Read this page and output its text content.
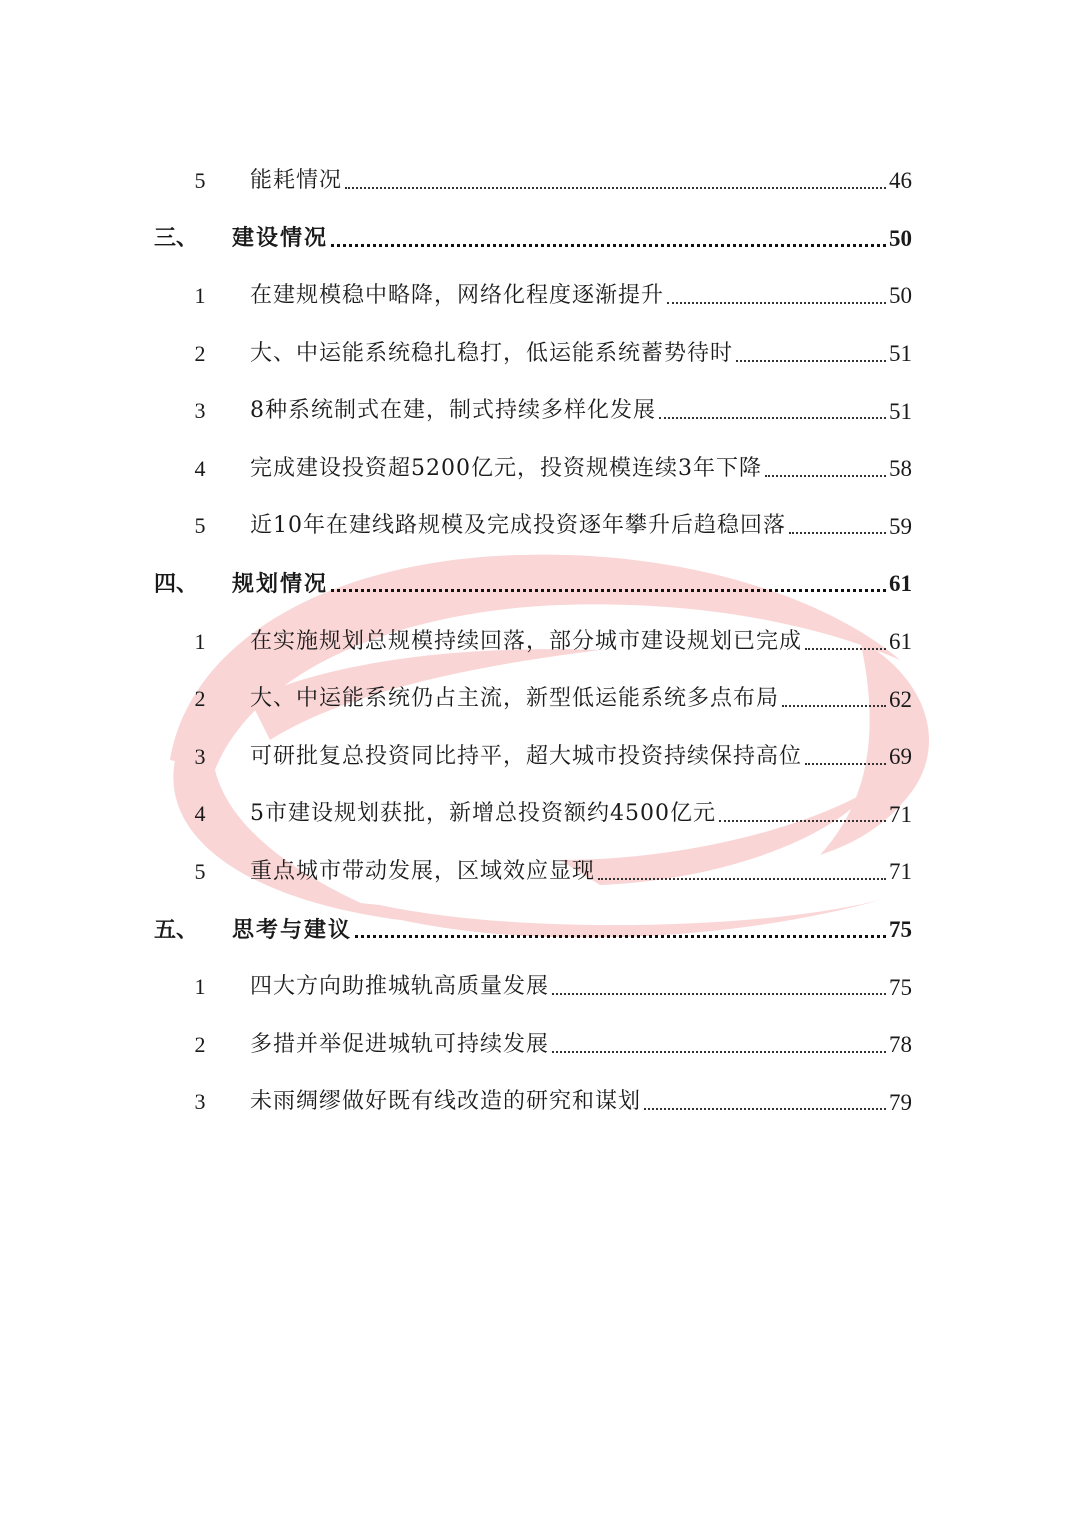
5	能耗情况	46
三、	建设情况	50
1	在建规模稳中略降，网络化程度逐渐提升	50
2	大、中运能系统稳扎稳打，低运能系统蓄势待时	51
3	8种系统制式在建，制式持续多样化发展	51
4	完成建设投资超5200亿元，投资规模连续3年下降	58
5	近10年在建线路规模及完成投资逐年攀升后趋稳回落	59
四、	规划情况	61
1	在实施规划总规模持续回落，部分城市建设规划已完成	61
2	大、中运能系统仍占主流，新型低运能系统多点布局	62
3	可研批复总投资同比持平，超大城市投资持续保持高位	69
4	5市建设规划获批，新增总投资额约4500亿元	71
5	重点城市带动发展，区域效应显现	71
五、	思考与建议	75
1	四大方向助推城轨高质量发展	75
2	多措并举促进城轨可持续发展	78
3	未雨绸缪做好既有线改造的研究和谋划	79
